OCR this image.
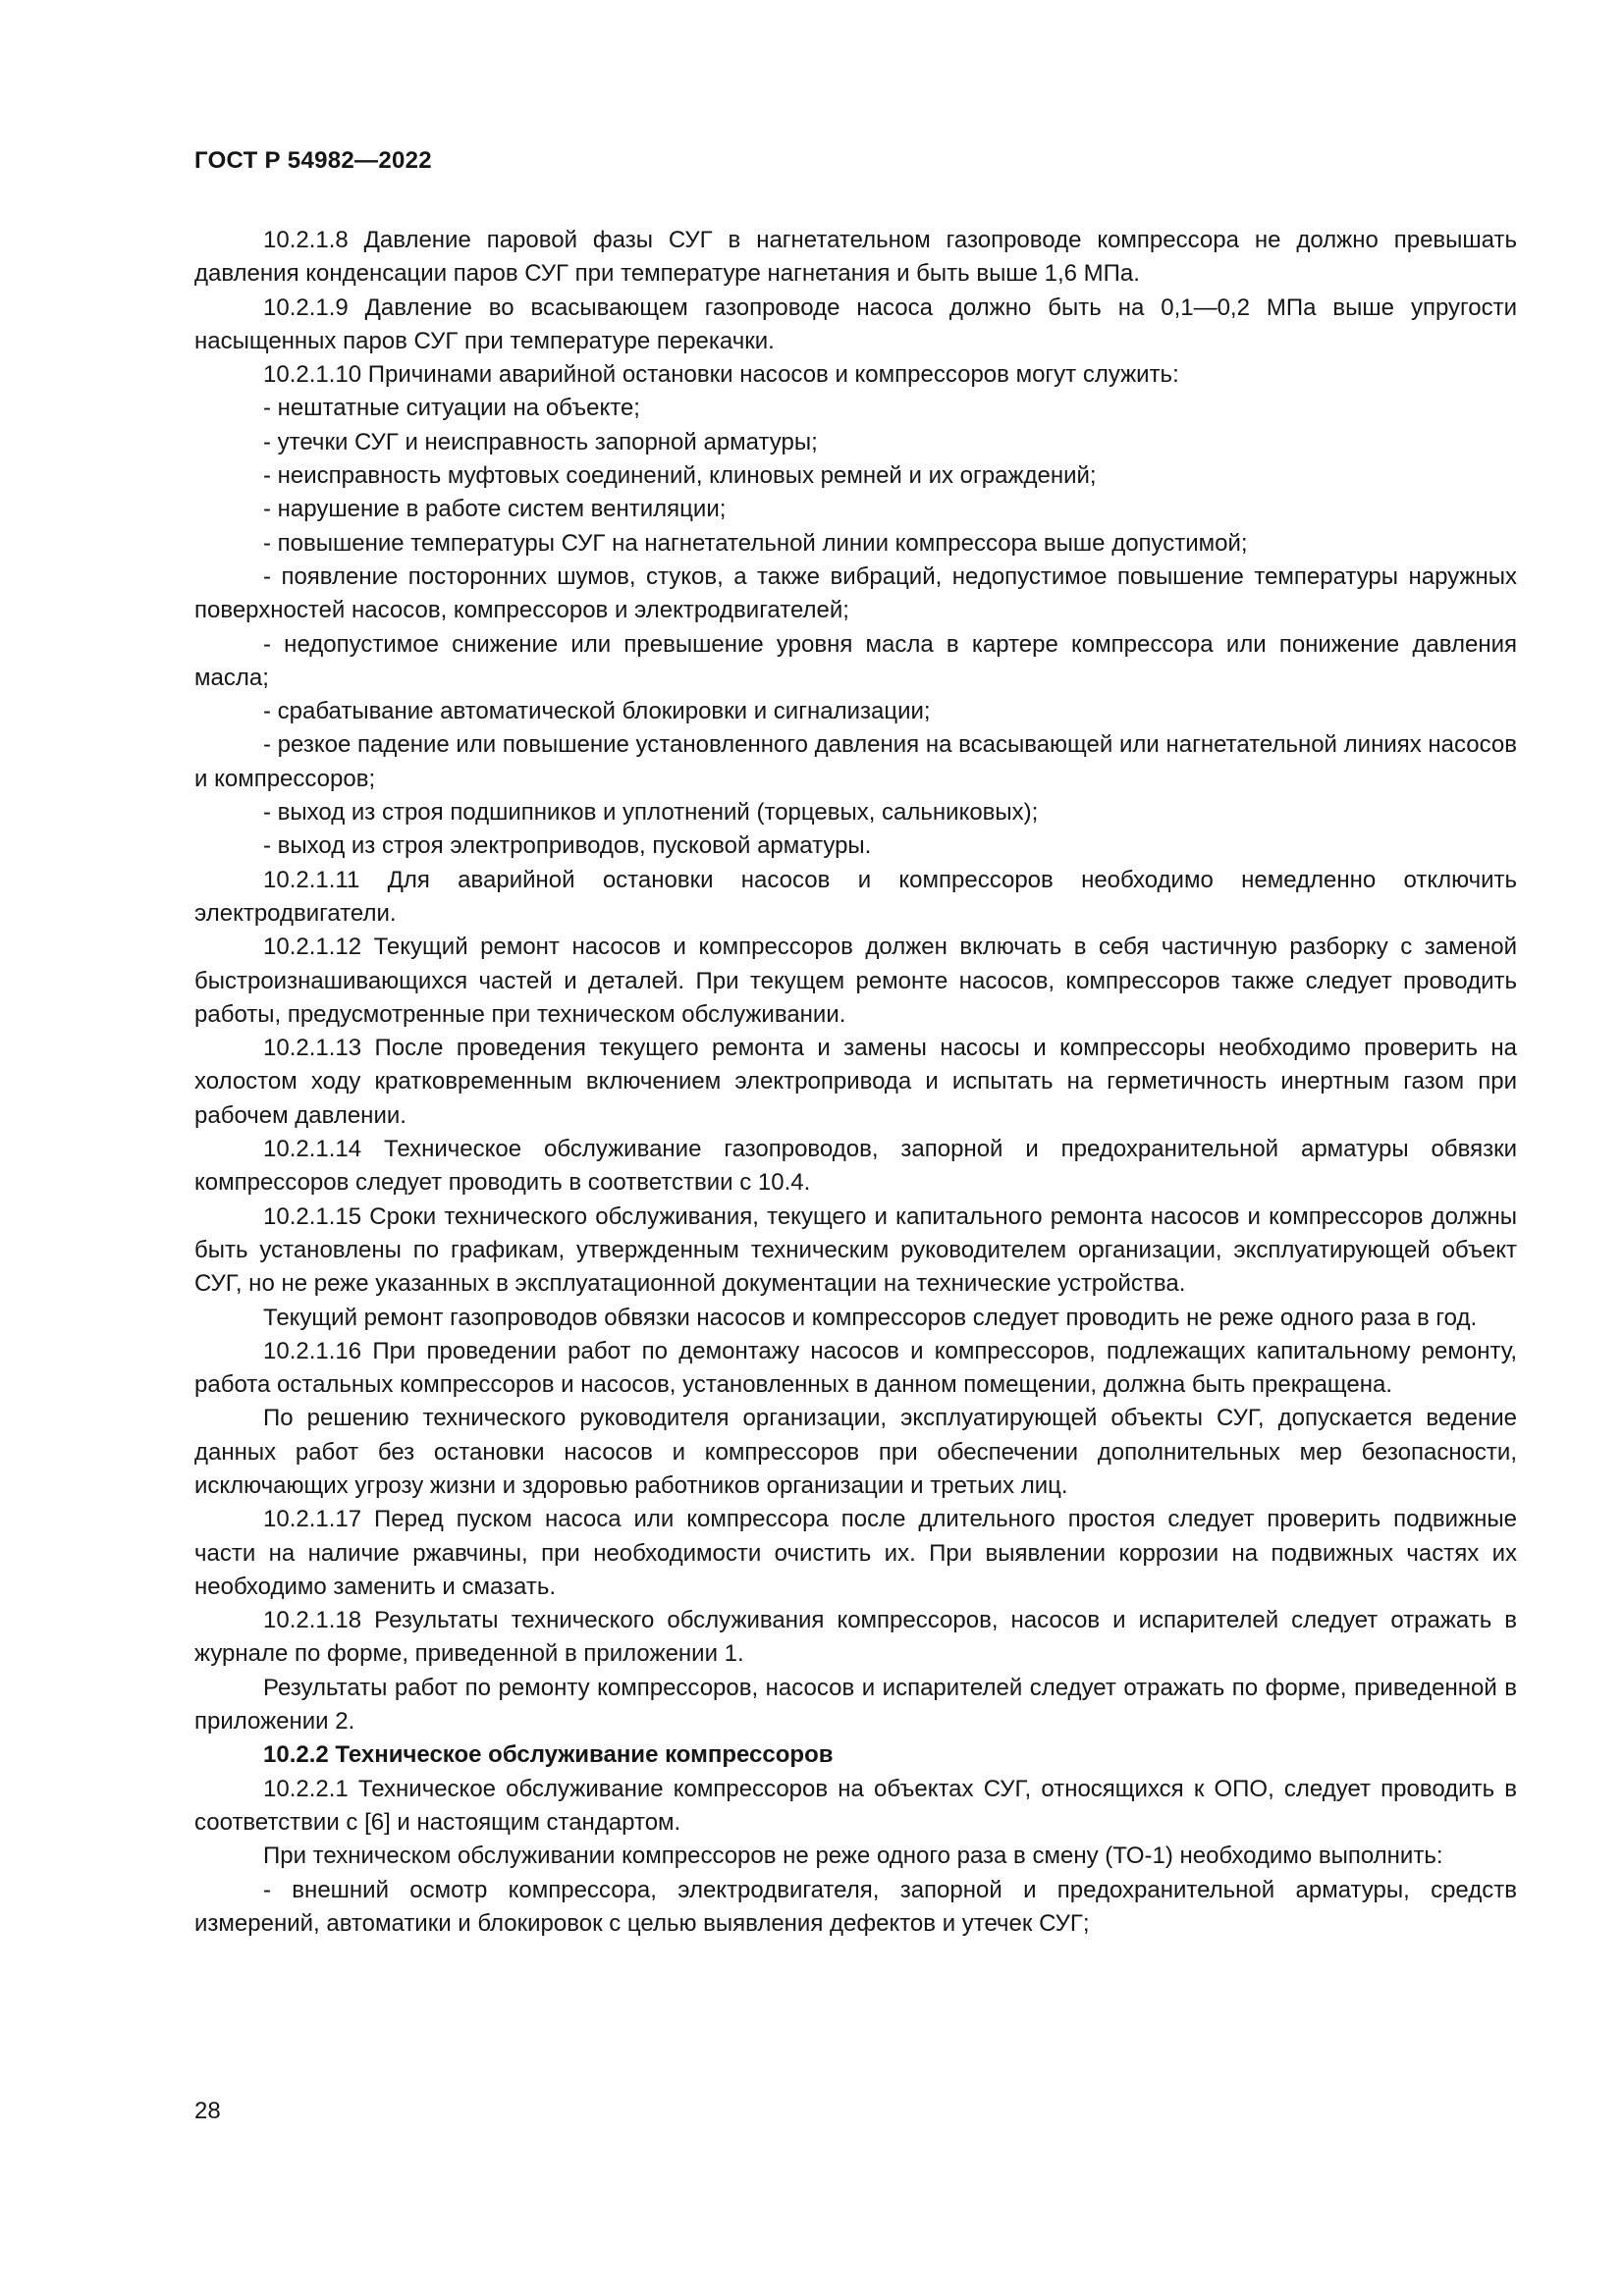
ГОСТ Р 54982—2022

10.2.1.8 Давление паровой фазы СУГ в нагнетательном газопроводе компрессора не должно превышать давления конденсации паров СУГ при температуре нагнетания и быть выше 1,6 МПа.

10.2.1.9 Давление во всасывающем газопроводе насоса должно быть на 0,1—0,2 МПа выше упругости насыщенных паров СУГ при температуре перекачки.

10.2.1.10 Причинами аварийной остановки насосов и компрессоров могут служить:

- нештатные ситуации на объекте;

- утечки СУГ и неисправность запорной арматуры;

- неисправность муфтовых соединений, клиновых ремней и их ограждений;

- нарушение в работе систем вентиляции;

- повышение температуры СУГ на нагнетательной линии компрессора выше допустимой;

- появление посторонних шумов, стуков, а также вибраций, недопустимое повышение температуры наружных поверхностей насосов, компрессоров и электродвигателей;

- недопустимое снижение или превышение уровня масла в картере компрессора или понижение давления масла;

- срабатывание автоматической блокировки и сигнализации;

- резкое падение или повышение установленного давления на всасывающей или нагнетательной линиях насосов и компрессоров;

- выход из строя подшипников и уплотнений (торцевых, сальниковых);

- выход из строя электроприводов, пусковой арматуры.

10.2.1.11 Для аварийной остановки насосов и компрессоров необходимо немедленно отключить электродвигатели.

10.2.1.12 Текущий ремонт насосов и компрессоров должен включать в себя частичную разборку с заменой быстроизнашивающихся частей и деталей. При текущем ремонте насосов, компрессоров также следует проводить работы, предусмотренные при техническом обслуживании.

10.2.1.13 После проведения текущего ремонта и замены насосы и компрессоры необходимо проверить на холостом ходу кратковременным включением электропривода и испытать на герметичность инертным газом при рабочем давлении.

10.2.1.14 Техническое обслуживание газопроводов, запорной и предохранительной арматуры обвязки компрессоров следует проводить в соответствии с 10.4.

10.2.1.15 Сроки технического обслуживания, текущего и капитального ремонта насосов и компрессоров должны быть установлены по графикам, утвержденным техническим руководителем организации, эксплуатирующей объект СУГ, но не реже указанных в эксплуатационной документации на технические устройства.

Текущий ремонт газопроводов обвязки насосов и компрессоров следует проводить не реже одного раза в год.

10.2.1.16 При проведении работ по демонтажу насосов и компрессоров, подлежащих капитальному ремонту, работа остальных компрессоров и насосов, установленных в данном помещении, должна быть прекращена.

По решению технического руководителя организации, эксплуатирующей объекты СУГ, допускается ведение данных работ без остановки насосов и компрессоров при обеспечении дополнительных мер безопасности, исключающих угрозу жизни и здоровью работников организации и третьих лиц.

10.2.1.17 Перед пуском насоса или компрессора после длительного простоя следует проверить подвижные части на наличие ржавчины, при необходимости очистить их. При выявлении коррозии на подвижных частях их необходимо заменить и смазать.

10.2.1.18 Результаты технического обслуживания компрессоров, насосов и испарителей следует отражать в журнале по форме, приведенной в приложении 1.

Результаты работ по ремонту компрессоров, насосов и испарителей следует отражать по форме, приведенной в приложении 2.

10.2.2 Техническое обслуживание компрессоров

10.2.2.1 Техническое обслуживание компрессоров на объектах СУГ, относящихся к ОПО, следует проводить в соответствии с [6] и настоящим стандартом.

При техническом обслуживании компрессоров не реже одного раза в смену (ТО-1) необходимо выполнить:

- внешний осмотр компрессора, электродвигателя, запорной и предохранительной арматуры, средств измерений, автоматики и блокировок с целью выявления дефектов и утечек СУГ;

28
